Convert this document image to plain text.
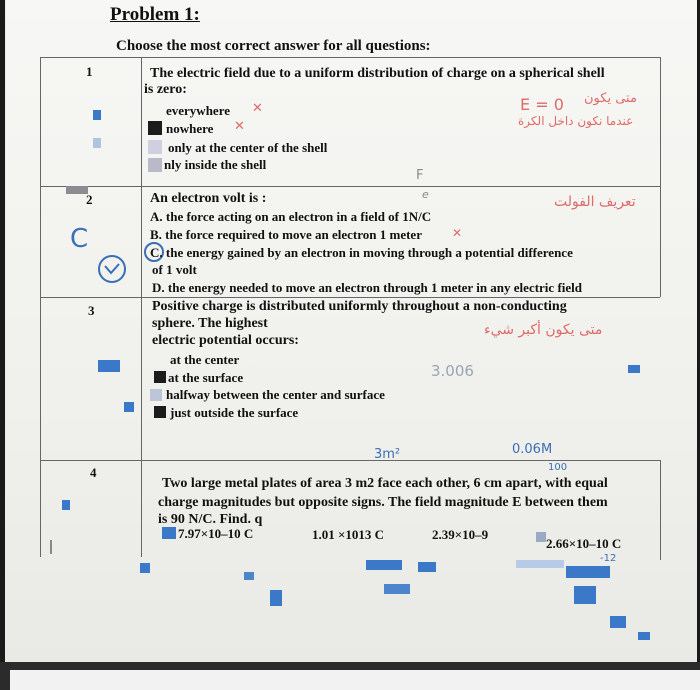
Problem 1:
Choose the most correct answer for all questions:
1	The electric field due to a uniform distribution of charge on a spherical shell
is zero:
everywhere ✕
nowhere ✕
only at the center of the shell
nly inside the shell
E = 0 متى يكون
عندما نكون داخل الكرة
2	An electron volt is :
F
e	تعريف الفولت
A. the force acting on an electron in a field of 1N/C
B. the force required to move an electron 1 meter	✕
C. the energy gained by an electron in moving through a potential difference
of 1 volt
D. the energy needed to move an electron through 1 meter in any electric field
C
3	Positive charge is distributed uniformly throughout a non-conducting
sphere. The highest
electric potential occurs:
متى يكون أكبر شيء
at the center
at the surface
halfway between the center and surface
just outside the surface
3.006
4
3m²	0.06M
100
Two large metal plates of area 3 m2 face each other, 6 cm apart, with equal
charge magnitudes but opposite signs. The field magnitude E between them
is 90 N/C. Find. q
7.97×10–10 C	1.01 ×1013 C	2.39×10–9
2.66×10–10 C
-12
